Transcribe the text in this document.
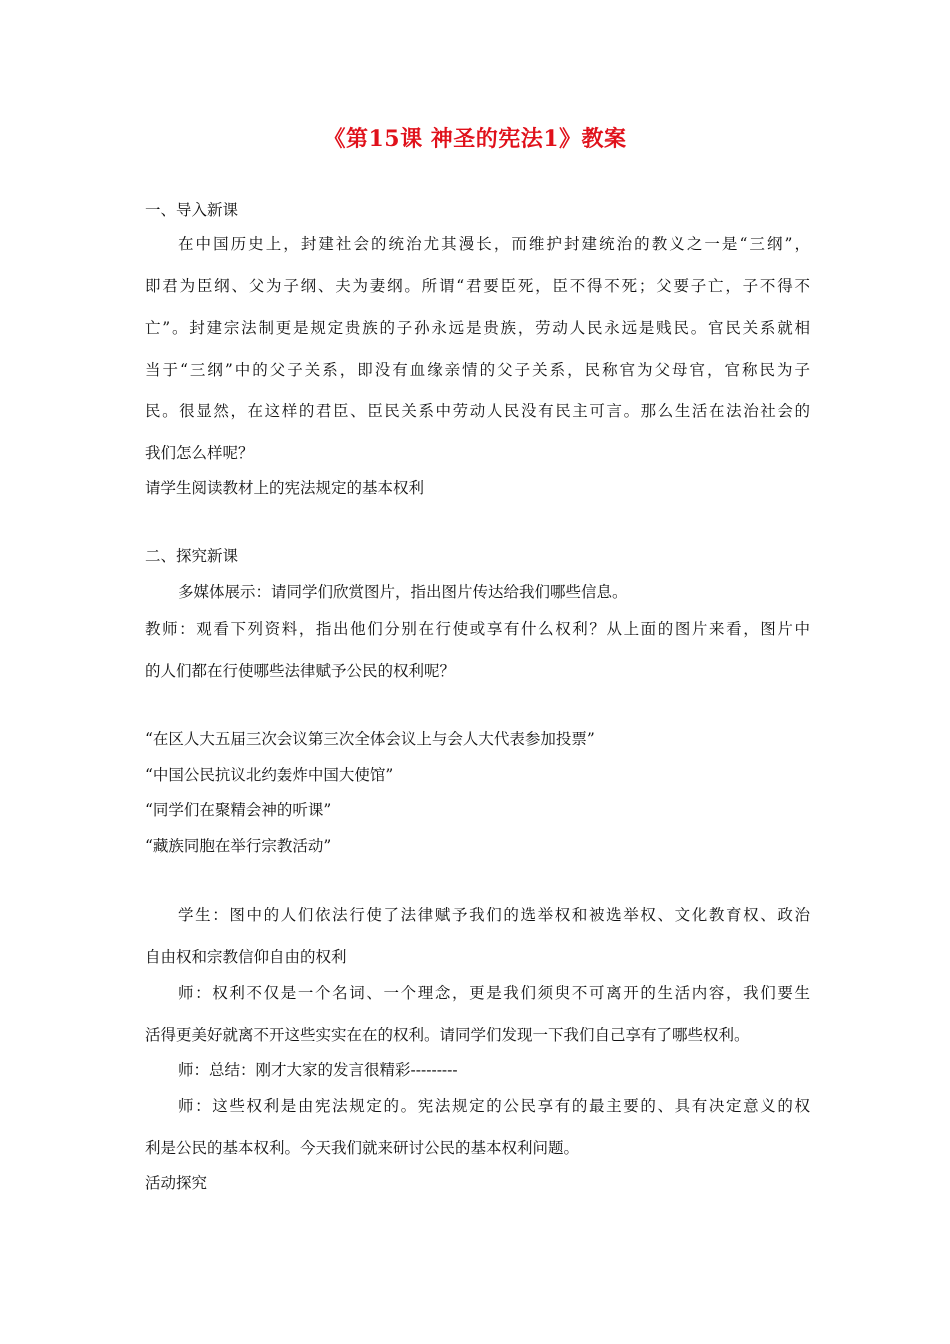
《第15课 神圣的宪法1》教案
一、导入新课
在中国历史上，封建社会的统治尤其漫长，而维护封建统治的教义之一是“三纲”，
即君为臣纲、父为子纲、夫为妻纲。所谓“君要臣死，臣不得不死；父要子亡，子不得不
亡”。封建宗法制更是规定贵族的子孙永远是贵族，劳动人民永远是贱民。官民关系就相
当于“三纲”中的父子关系，即没有血缘亲情的父子关系，民称官为父母官，官称民为子
民。很显然，在这样的君臣、臣民关系中劳动人民没有民主可言。那么生活在法治社会的
我们怎么样呢？
请学生阅读教材上的宪法规定的基本权利
二、探究新课
多媒体展示：请同学们欣赏图片，指出图片传达给我们哪些信息。
教师：观看下列资料，指出他们分别在行使或享有什么权利？从上面的图片来看，图片中
的人们都在行使哪些法律赋予公民的权利呢？
“在区人大五届三次会议第三次全体会议上与会人大代表参加投票”
“中国公民抗议北约轰炸中国大使馆”
“同学们在聚精会神的听课”
“藏族同胞在举行宗教活动”
学生：图中的人们依法行使了法律赋予我们的选举权和被选举权、文化教育权、政治
自由权和宗教信仰自由的权利
师：权利不仅是一个名词、一个理念，更是我们须臾不可离开的生活内容，我们要生
活得更美好就离不开这些实实在在的权利。请同学们发现一下我们自己享有了哪些权利。
师：总结：刚才大家的发言很精彩---------
师：这些权利是由宪法规定的。宪法规定的公民享有的最主要的、具有决定意义的权
利是公民的基本权利。今天我们就来研讨公民的基本权利问题。
活动探究
